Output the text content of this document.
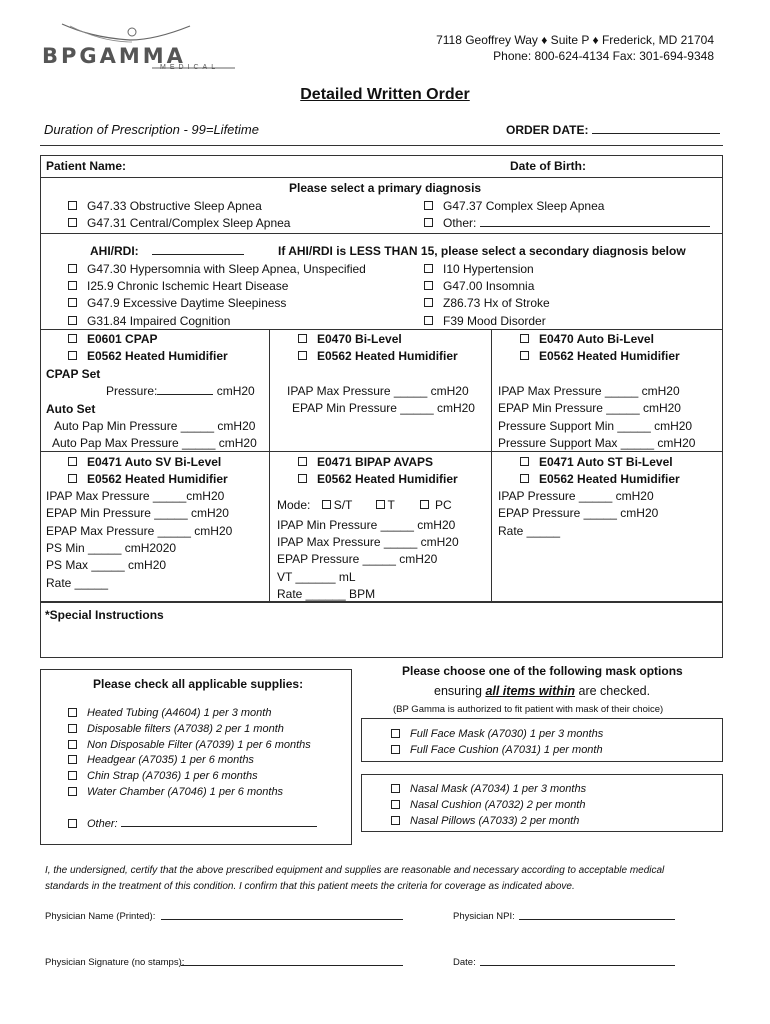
BPGAMMA
MEDICAL
7118 Geoffrey Way ♦ Suite P ♦ Frederick, MD 21704
Phone: 800-624-4134 Fax: 301-694-9348
Detailed Written Order
Duration of Prescription - 99=Lifetime	ORDER DATE:
Patient Name:	Date of Birth:
Please select a primary diagnosis
G47.33 Obstructive Sleep Apnea
G47.31 Central/Complex Sleep Apnea
G47.37 Complex Sleep Apnea
Other:
AHI/RDI:	If AHI/RDI is LESS THAN 15, please select a secondary diagnosis below
G47.30 Hypersomnia with Sleep Apnea, Unspecified
I25.9 Chronic Ischemic Heart Disease
G47.9 Excessive Daytime Sleepiness
G31.84 Impaired Cognition
I10 Hypertension
G47.00 Insomnia
Z86.73 Hx of Stroke
F39 Mood Disorder
E0601 CPAP
E0562 Heated Humidifier
CPAP Set
Pressure:	cmH20
Auto Set
Auto Pap Min Pressure _____ cmH20
Auto Pap Max Pressure _____ cmH20
E0470 Bi-Level
E0562 Heated Humidifier
IPAP Max Pressure _____ cmH20
EPAP Min Pressure _____ cmH20
E0470 Auto Bi-Level
E0562 Heated Humidifier
IPAP Max Pressure _____ cmH20
EPAP Min Pressure _____ cmH20
Pressure Support Min _____ cmH20
Pressure Support Max _____ cmH20
E0471 Auto SV Bi-Level
E0562 Heated Humidifier
IPAP Max Pressure _____cmH20
EPAP Min Pressure _____ cmH20
EPAP Max Pressure _____ cmH20
PS Min _____ cmH2020
PS Max _____ cmH20
Rate _____
E0471 BIPAP AVAPS
E0562 Heated Humidifier
Mode: S/T	T	PC
IPAP Min Pressure _____ cmH20
IPAP Max Pressure _____ cmH20
EPAP Pressure _____ cmH20
VT ______ mL
Rate ______ BPM
E0471 Auto ST Bi-Level
E0562 Heated Humidifier
IPAP Pressure _____ cmH20
EPAP Pressure _____ cmH20
Rate _____
*Special Instructions
Please check all applicable supplies:
Heated Tubing (A4604) 1 per 3 month
Disposable filters (A7038) 2 per 1 month
Non Disposable Filter (A7039) 1 per 6 months
Headgear (A7035) 1 per 6 months
Chin Strap (A7036) 1 per 6 months
Water Chamber (A7046) 1 per 6 months
Other:
Please choose one of the following mask options
ensuring all items within are checked.
(BP Gamma is authorized to fit patient with mask of their choice)
Full Face Mask (A7030) 1 per 3 months
Full Face Cushion (A7031) 1 per month
Nasal Mask (A7034) 1 per 3 months
Nasal Cushion (A7032) 2 per month
Nasal Pillows (A7033) 2 per month
I, the undersigned, certify that the above prescribed equipment and supplies are reasonable and necessary according to acceptable medical
standards in the treatment of this condition. I confirm that this patient meets the criteria for coverage as indicated above.
Physician Name (Printed):	Physician NPI:
Physician Signature (no stamps):	Date:
